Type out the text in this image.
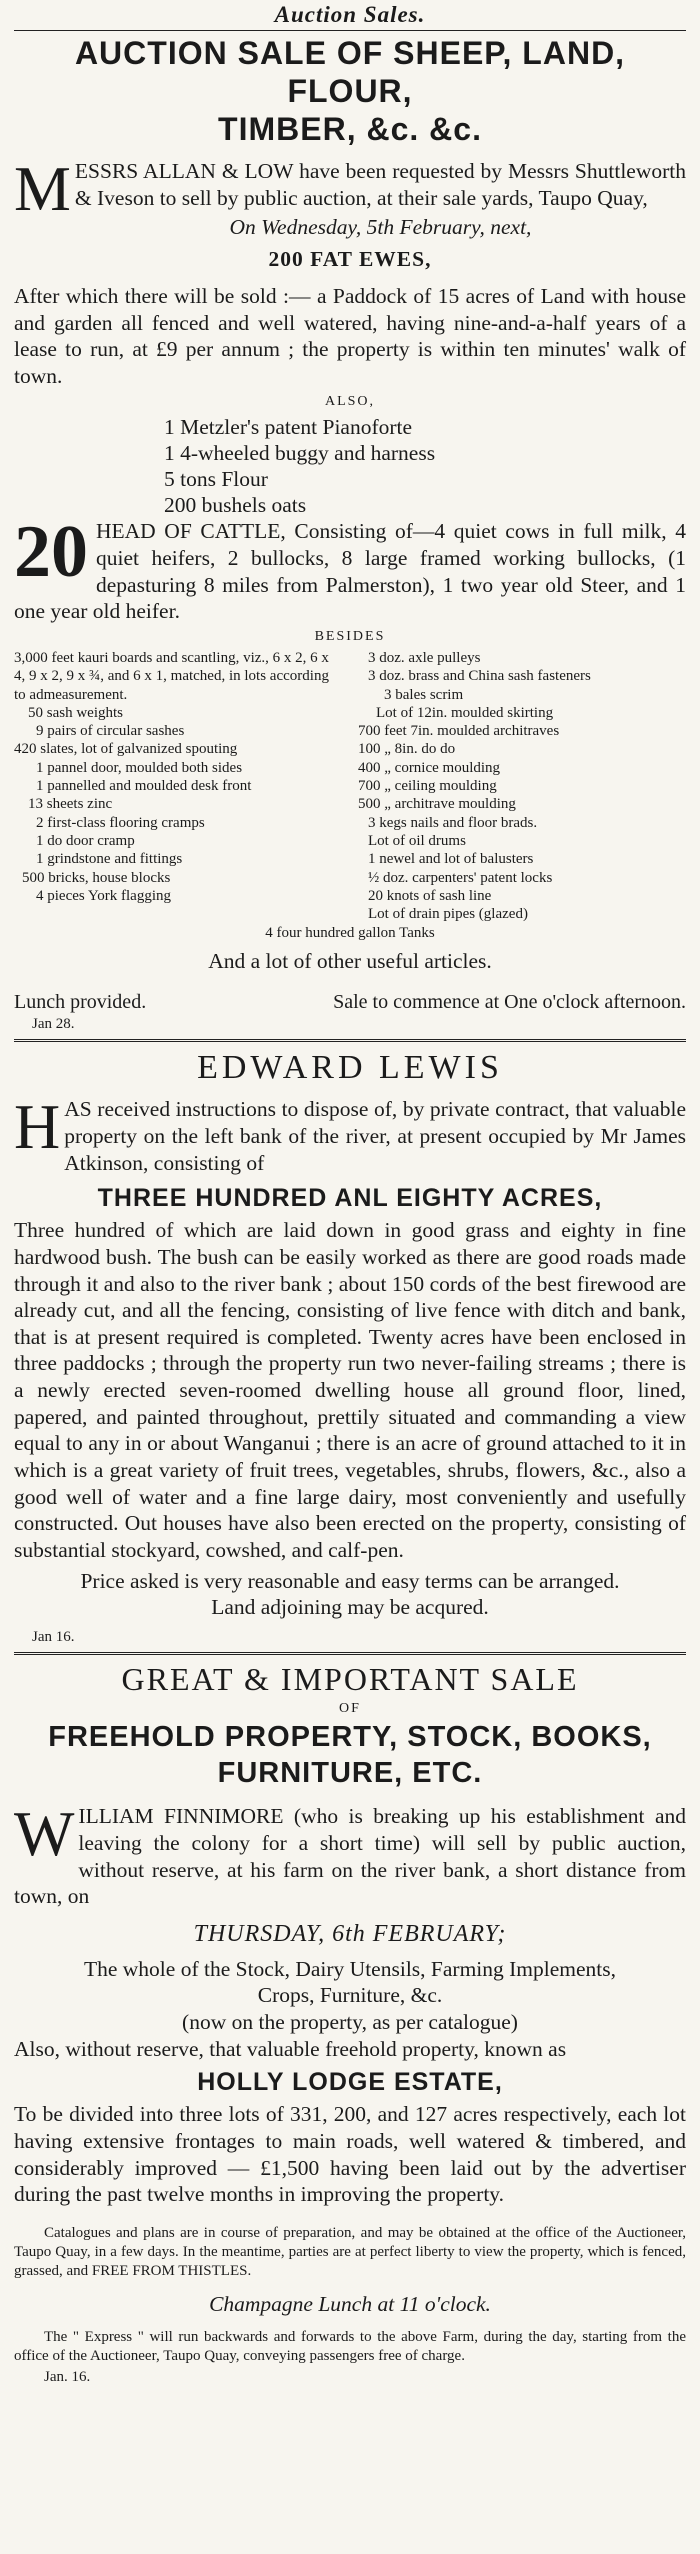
Auction Sales.
AUCTION SALE OF SHEEP, LAND, FLOUR,
TIMBER, &c. &c.
M ESSRS ALLAN & LOW have been requested by Messrs Shuttleworth & Iveson to sell by public auction, at their sale yards, Taupo Quay,
On Wednesday, 5th February, next,
200 FAT EWES,
After which there will be sold :— a Paddock of 15 acres of Land with house and garden all fenced and well watered, having nine-and-a-half years of a lease to run, at £9 per annum ; the property is within ten minutes' walk of town.
ALSO,
1 Metzler's patent Pianoforte
1 4-wheeled buggy and harness
5 tons Flour
200 bushels oats
20 HEAD OF CATTLE, Consisting of—4 quiet cows in full milk, 4 quiet heifers, 2 bullocks, 8 large framed working bullocks, (1 depasturing 8 miles from Palmerston), 1 two year old Steer, and 1 one year old heifer.
BESIDES
3,000 feet kauri boards and scantling, viz., 6 x 2, 6 x 4, 9 x 2, 9 x ¾, and 6 x 1, matched, in lots according to admeasurement.
50 sash weights
9 pairs of circular sashes
420 slates, lot of galvanized spouting
1 pannel door, moulded both sides
1 pannelled and moulded desk front
13 sheets zinc
2 first-class flooring cramps
1 do door cramp
1 grindstone and fittings
500 bricks, house blocks
4 pieces York flagging
3 doz. axle pulleys
3 doz. brass and China sash fasteners
3 bales scrim
Lot of 12in. moulded skirting
700 feet 7in. moulded architraves
100 „ 8in. do do
400 „ cornice moulding
700 „ ceiling moulding
500 „ architrave moulding
3 kegs nails and floor brads.
Lot of oil drums
1 newel and lot of balusters
½ doz. carpenters' patent locks
20 knots of sash line
Lot of drain pipes (glazed)
4 four hundred gallon Tanks
And a lot of other useful articles.
Lunch provided.	Sale to commence at One o'clock afternoon.
Jan 28.
EDWARD LEWIS
H AS received instructions to dispose of, by private contract, that valuable property on the left bank of the river, at present occupied by Mr James Atkinson, consisting of
THREE HUNDRED ANL EIGHTY ACRES,
Three hundred of which are laid down in good grass and eighty in fine hardwood bush. The bush can be easily worked as there are good roads made through it and also to the river bank ; about 150 cords of the best firewood are already cut, and all the fencing, consisting of live fence with ditch and bank, that is at present required is completed. Twenty acres have been enclosed in three paddocks ; through the property run two never-failing streams ; there is a newly erected seven-roomed dwelling house all ground floor, lined, papered, and painted throughout, prettily situated and commanding a view equal to any in or about Wanganui ; there is an acre of ground attached to it in which is a great variety of fruit trees, vegetables, shrubs, flowers, &c., also a good well of water and a fine large dairy, most conveniently and usefully constructed. Out houses have also been erected on the property, consisting of substantial stockyard, cowshed, and calf-pen.
Price asked is very reasonable and easy terms can be arranged.
Land adjoining may be acqured.
Jan 16.
GREAT & IMPORTANT SALE
OF
FREEHOLD PROPERTY, STOCK, BOOKS,
FURNITURE, ETC.
W ILLIAM FINNIMORE (who is breaking up his establishment and leaving the colony for a short time) will sell by public auction, without reserve, at his farm on the river bank, a short distance from town, on
THURSDAY, 6th FEBRUARY;
The whole of the Stock, Dairy Utensils, Farming Implements, Crops, Furniture, &c.
(now on the property, as per catalogue)
Also, without reserve, that valuable freehold property, known as
HOLLY LODGE ESTATE,
To be divided into three lots of 331, 200, and 127 acres respectively, each lot having extensive frontages to main roads, well watered & timbered, and considerably improved — £1,500 having been laid out by the advertiser during the past twelve months in improving the property.
Catalogues and plans are in course of preparation, and may be obtained at the office of the Auctioneer, Taupo Quay, in a few days. In the meantime, parties are at perfect liberty to view the property, which is fenced, grassed, and FREE FROM THISTLES.
Champagne Lunch at 11 o'clock.
The " Express " will run backwards and forwards to the above Farm, during the day, starting from the office of the Auctioneer, Taupo Quay, conveying passengers free of charge.
Jan. 16.
